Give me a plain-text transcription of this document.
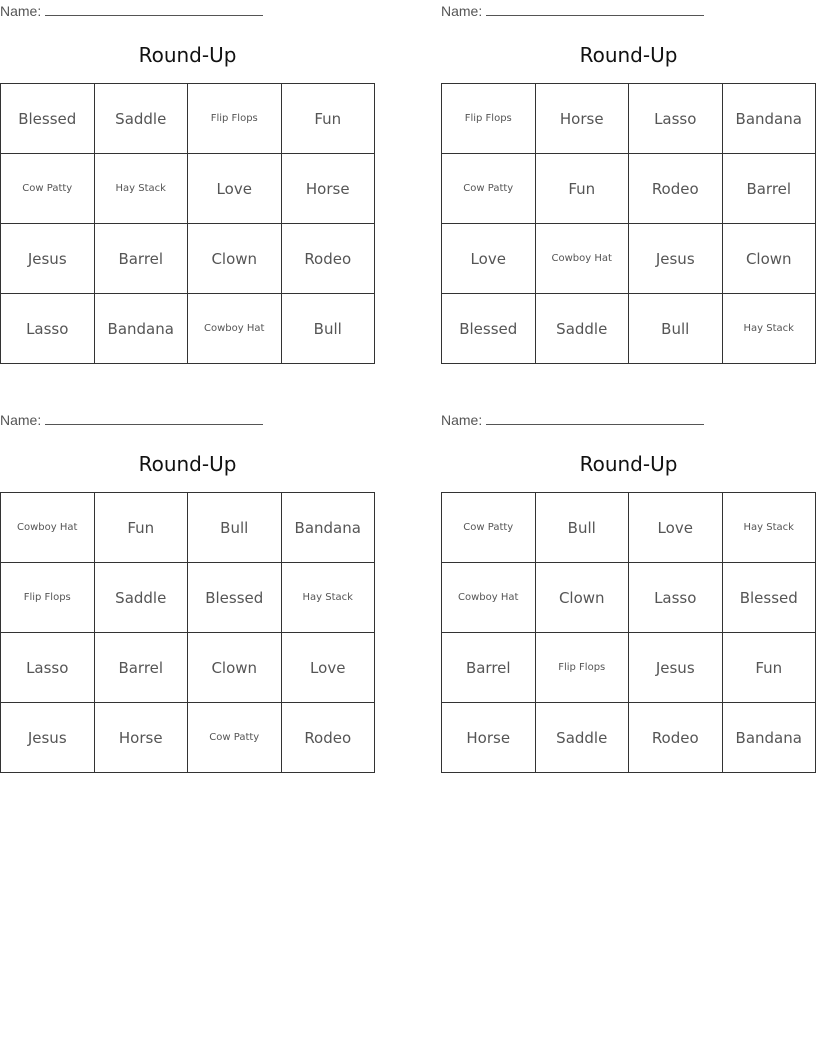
Name:
Round-Up
Blessed	Saddle	Flip Flops	Fun
Cow Patty	Hay Stack	Love	Horse
Jesus	Barrel	Clown	Rodeo
Lasso	Bandana	Cowboy Hat	Bull
Name:
Round-Up
Flip Flops	Horse	Lasso	Bandana
Cow Patty	Fun	Rodeo	Barrel
Love	Cowboy Hat	Jesus	Clown
Blessed	Saddle	Bull	Hay Stack
Name:
Round-Up
Cowboy Hat	Fun	Bull	Bandana
Flip Flops	Saddle	Blessed	Hay Stack
Lasso	Barrel	Clown	Love
Jesus	Horse	Cow Patty	Rodeo
Name:
Round-Up
Cow Patty	Bull	Love	Hay Stack
Cowboy Hat	Clown	Lasso	Blessed
Barrel	Flip Flops	Jesus	Fun
Horse	Saddle	Rodeo	Bandana
